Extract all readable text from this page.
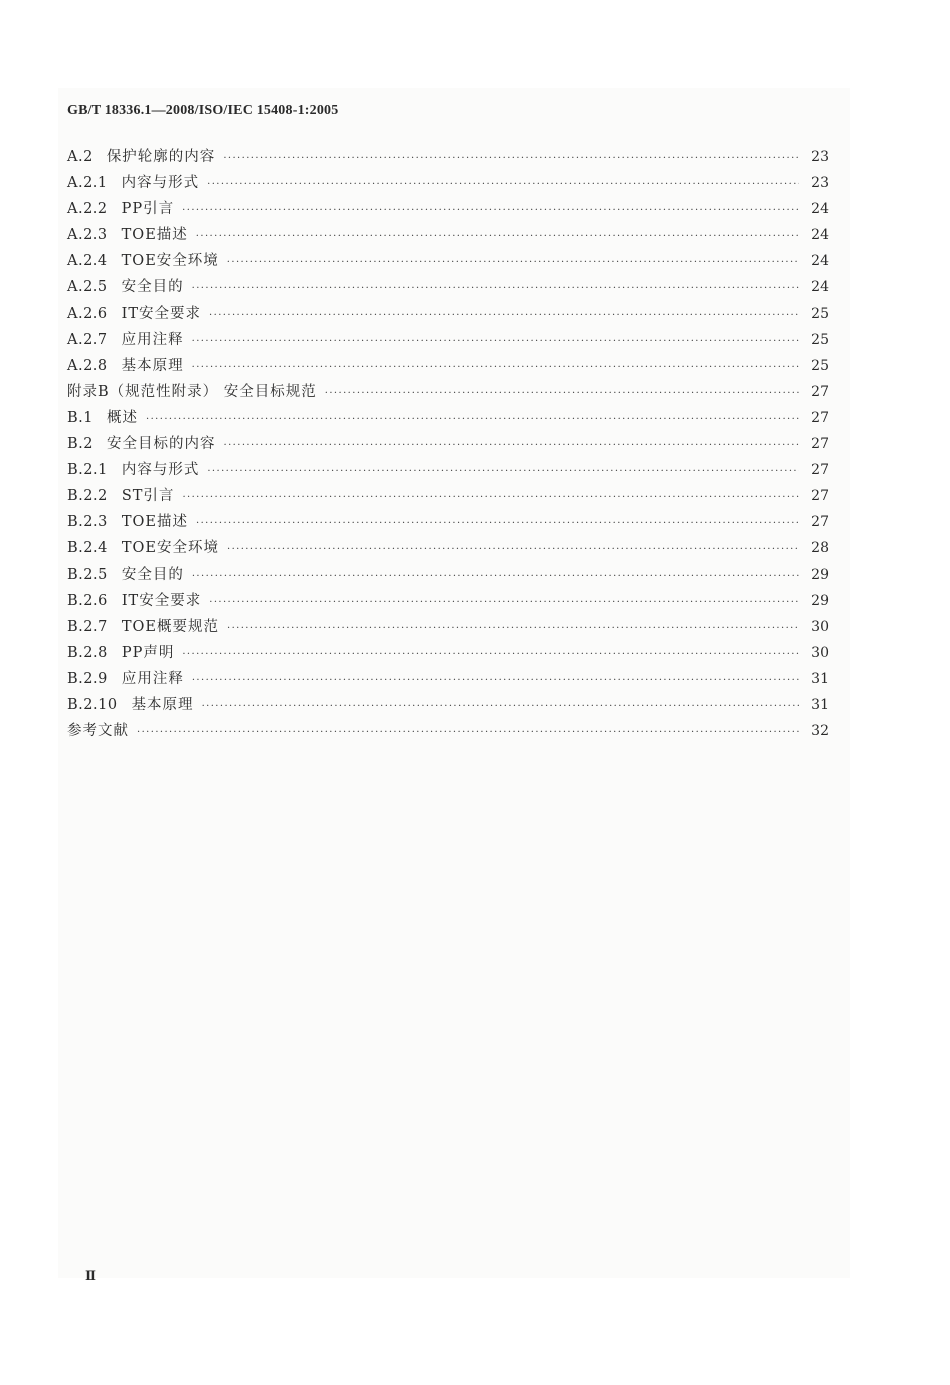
GB/T 18336.1—2008/ISO/IEC 15408-1:2005
A.2 保护轮廓的内容 ·····	23
A.2.1 内容与形式 ·····	23
A.2.2 PP引言 ·····	24
A.2.3 TOE描述 ·····	24
A.2.4 TOE安全环境 ·····	24
A.2.5 安全目的 ·····	24
A.2.6 IT安全要求 ·····	25
A.2.7 应用注释 ·····	25
A.2.8 基本原理 ·····	25
附录B（规范性附录） 安全目标规范 ·····	27
B.1 概述 ·····	27
B.2 安全目标的内容 ·····	27
B.2.1 内容与形式 ·····	27
B.2.2 ST引言 ·····	27
B.2.3 TOE描述 ·····	27
B.2.4 TOE安全环境 ·····	28
B.2.5 安全目的 ·····	29
B.2.6 IT安全要求 ·····	29
B.2.7 TOE概要规范 ·····	30
B.2.8 PP声明 ·····	30
B.2.9 应用注释 ·····	31
B.2.10 基本原理 ·····	31
参考文献 ·····	32
Ⅱ
